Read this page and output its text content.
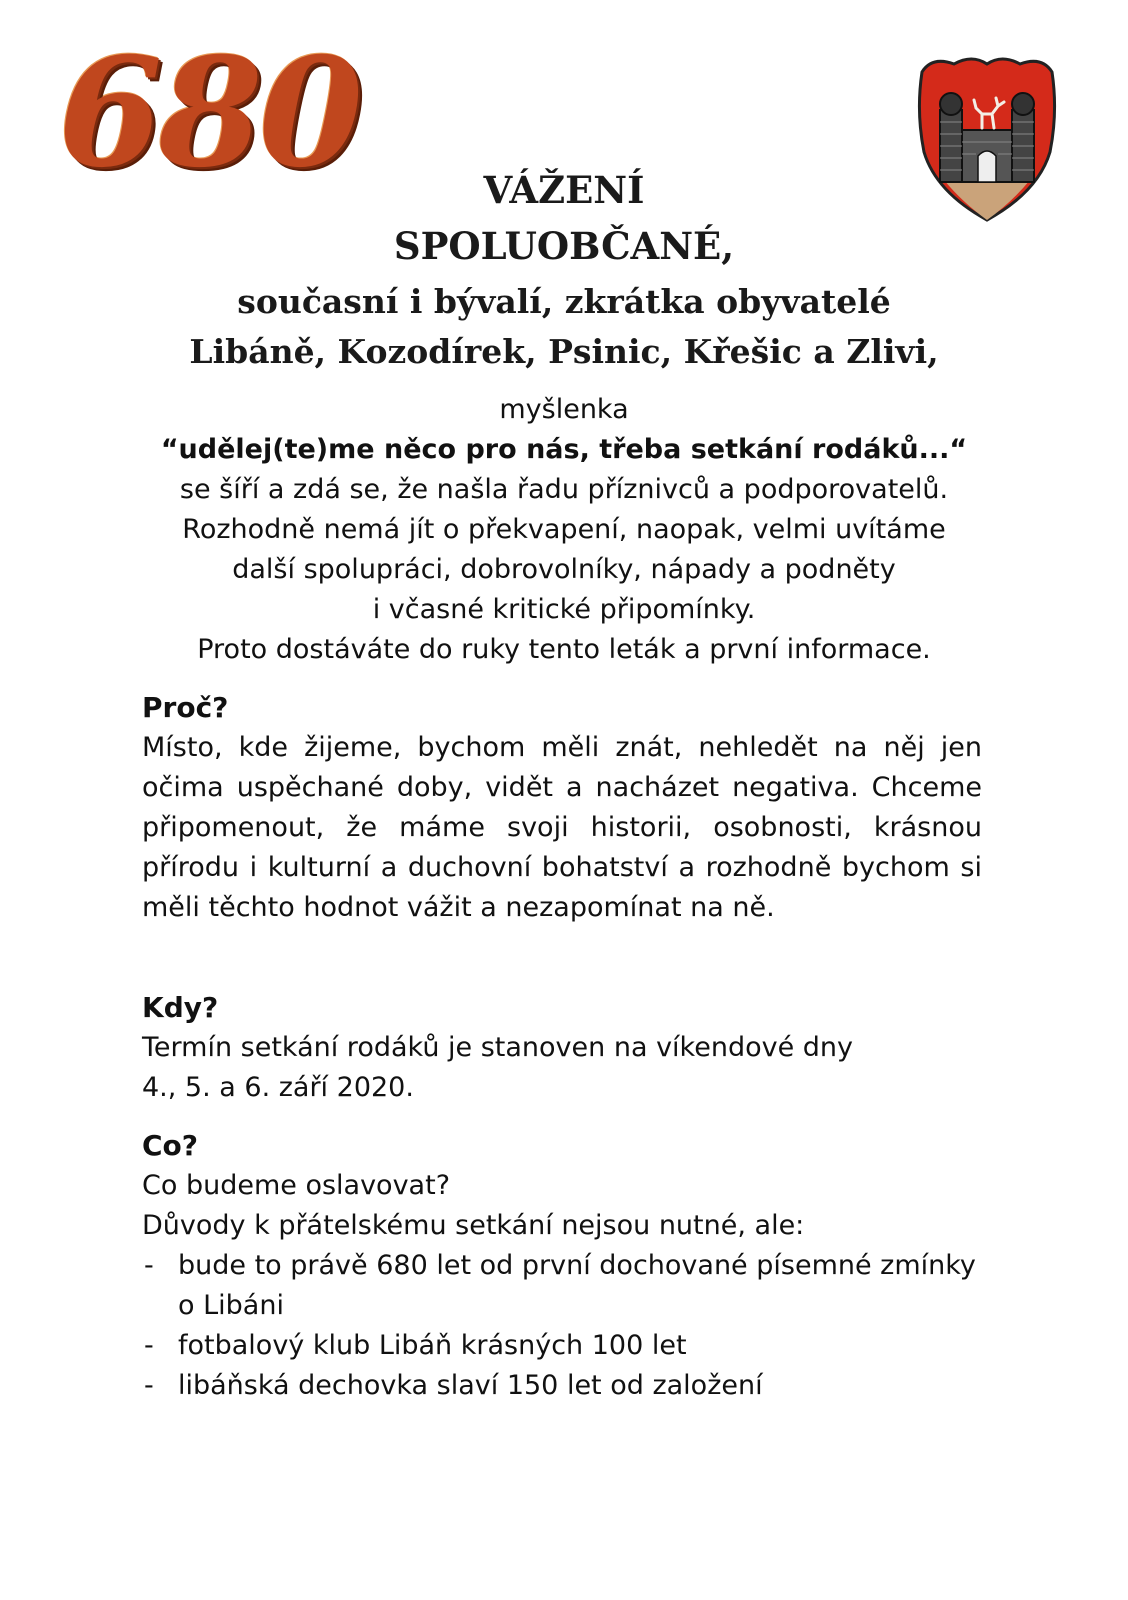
680	VÁŽENÍ
SPOLUOBČANÉ,
současní i bývalí, zkrátka obyvatelé
Libáně, Kozodírek, Psinic, Křešic a Zlivi,
myšlenka
“udělej(te)me něco pro nás, třeba setkání rodáků...“
se šíří a zdá se, že našla řadu příznivců a podporovatelů.
Rozhodně nemá jít o překvapení, naopak, velmi uvítáme
další spolupráci, dobrovolníky, nápady a podněty
i včasné kritické připomínky.
Proto dostáváte do ruky tento leták a první informace.
Proč?
Místo, kde žijeme, bychom měli znát, nehledět na něj jen očima uspěchané doby, vidět a nacházet negativa. Chceme připomenout, že máme svoji historii, osobnosti, krásnou přírodu i kulturní a duchovní bohatství a rozhodně bychom si měli těchto hodnot vážit a nezapomínat na ně.
Kdy?
Termín setkání rodáků je stanoven na víkendové dny
4., 5. a 6. září 2020.
Co?
Co budeme oslavovat?
Důvody k přátelskému setkání nejsou nutné, ale:
- bude to právě 680 let od první dochované písemné zmínky o Libáni
- fotbalový klub Libáň krásných 100 let
- libáňská dechovka slaví 150 let od založení
